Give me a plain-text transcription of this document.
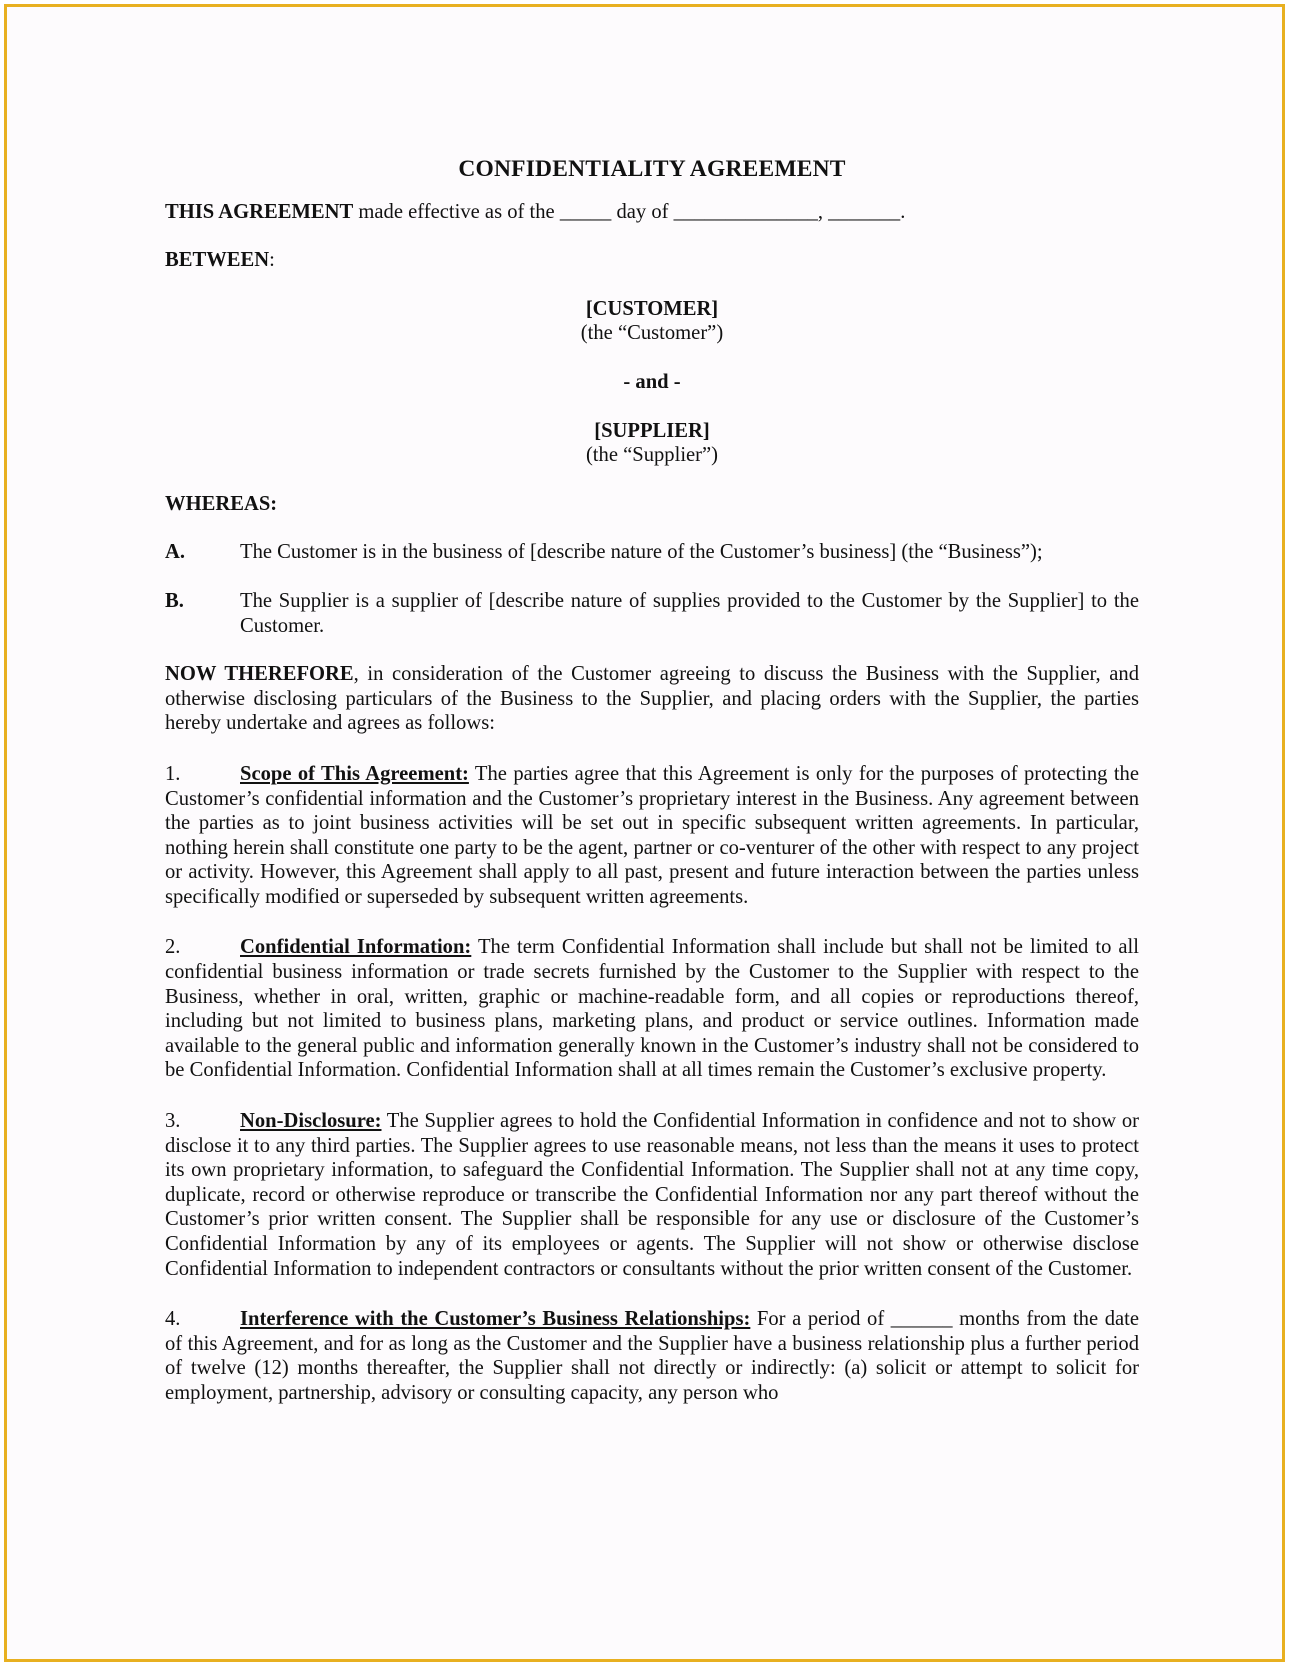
CONFIDENTIALITY AGREEMENT

THIS AGREEMENT made effective as of the _____ day of ______________, _______.

BETWEEN:

[CUSTOMER]

(the “Customer”)

- and -

[SUPPLIER]

(the “Supplier”)

WHEREAS:

A.	The Customer is in the business of [describe nature of the Customer’s business] (the “Business”);
B.	The Supplier is a supplier of [describe nature of supplies provided to the Customer by the Supplier] to the Customer.

NOW THEREFORE, in consideration of the Customer agreeing to discuss the Business with the Supplier, and otherwise disclosing particulars of the Business to the Supplier, and placing orders with the Supplier, the parties hereby undertake and agrees as follows:

1.	Scope of This Agreement: The parties agree that this Agreement is only for the purposes of protecting the Customer’s confidential information and the Customer’s proprietary interest in the Business. Any agreement between the parties as to joint business activities will be set out in specific subsequent written agreements. In particular, nothing herein shall constitute one party to be the agent, partner or co-venturer of the other with respect to any project or activity. However, this Agreement shall apply to all past, present and future interaction between the parties unless specifically modified or superseded by subsequent written agreements.

2.	Confidential Information: The term Confidential Information shall include but shall not be limited to all confidential business information or trade secrets furnished by the Customer to the Supplier with respect to the Business, whether in oral, written, graphic or machine-readable form, and all copies or reproductions thereof, including but not limited to business plans, marketing plans, and product or service outlines. Information made available to the general public and information generally known in the Customer’s industry shall not be considered to be Confidential Information. Confidential Information shall at all times remain the Customer’s exclusive property.

3.	Non-Disclosure: The Supplier agrees to hold the Confidential Information in confidence and not to show or disclose it to any third parties. The Supplier agrees to use reasonable means, not less than the means it uses to protect its own proprietary information, to safeguard the Confidential Information. The Supplier shall not at any time copy, duplicate, record or otherwise reproduce or transcribe the Confidential Information nor any part thereof without the Customer’s prior written consent. The Supplier shall be responsible for any use or disclosure of the Customer’s Confidential Information by any of its employees or agents. The Supplier will not show or otherwise disclose Confidential Information to independent contractors or consultants without the prior written consent of the Customer.

4.	Interference with the Customer’s Business Relationships: For a period of ______ months from the date of this Agreement, and for as long as the Customer and the Supplier have a business relationship plus a further period of twelve (12) months thereafter, the Supplier shall not directly or indirectly: (a) solicit or attempt to solicit for employment, partnership, advisory or consulting capacity, any person who
